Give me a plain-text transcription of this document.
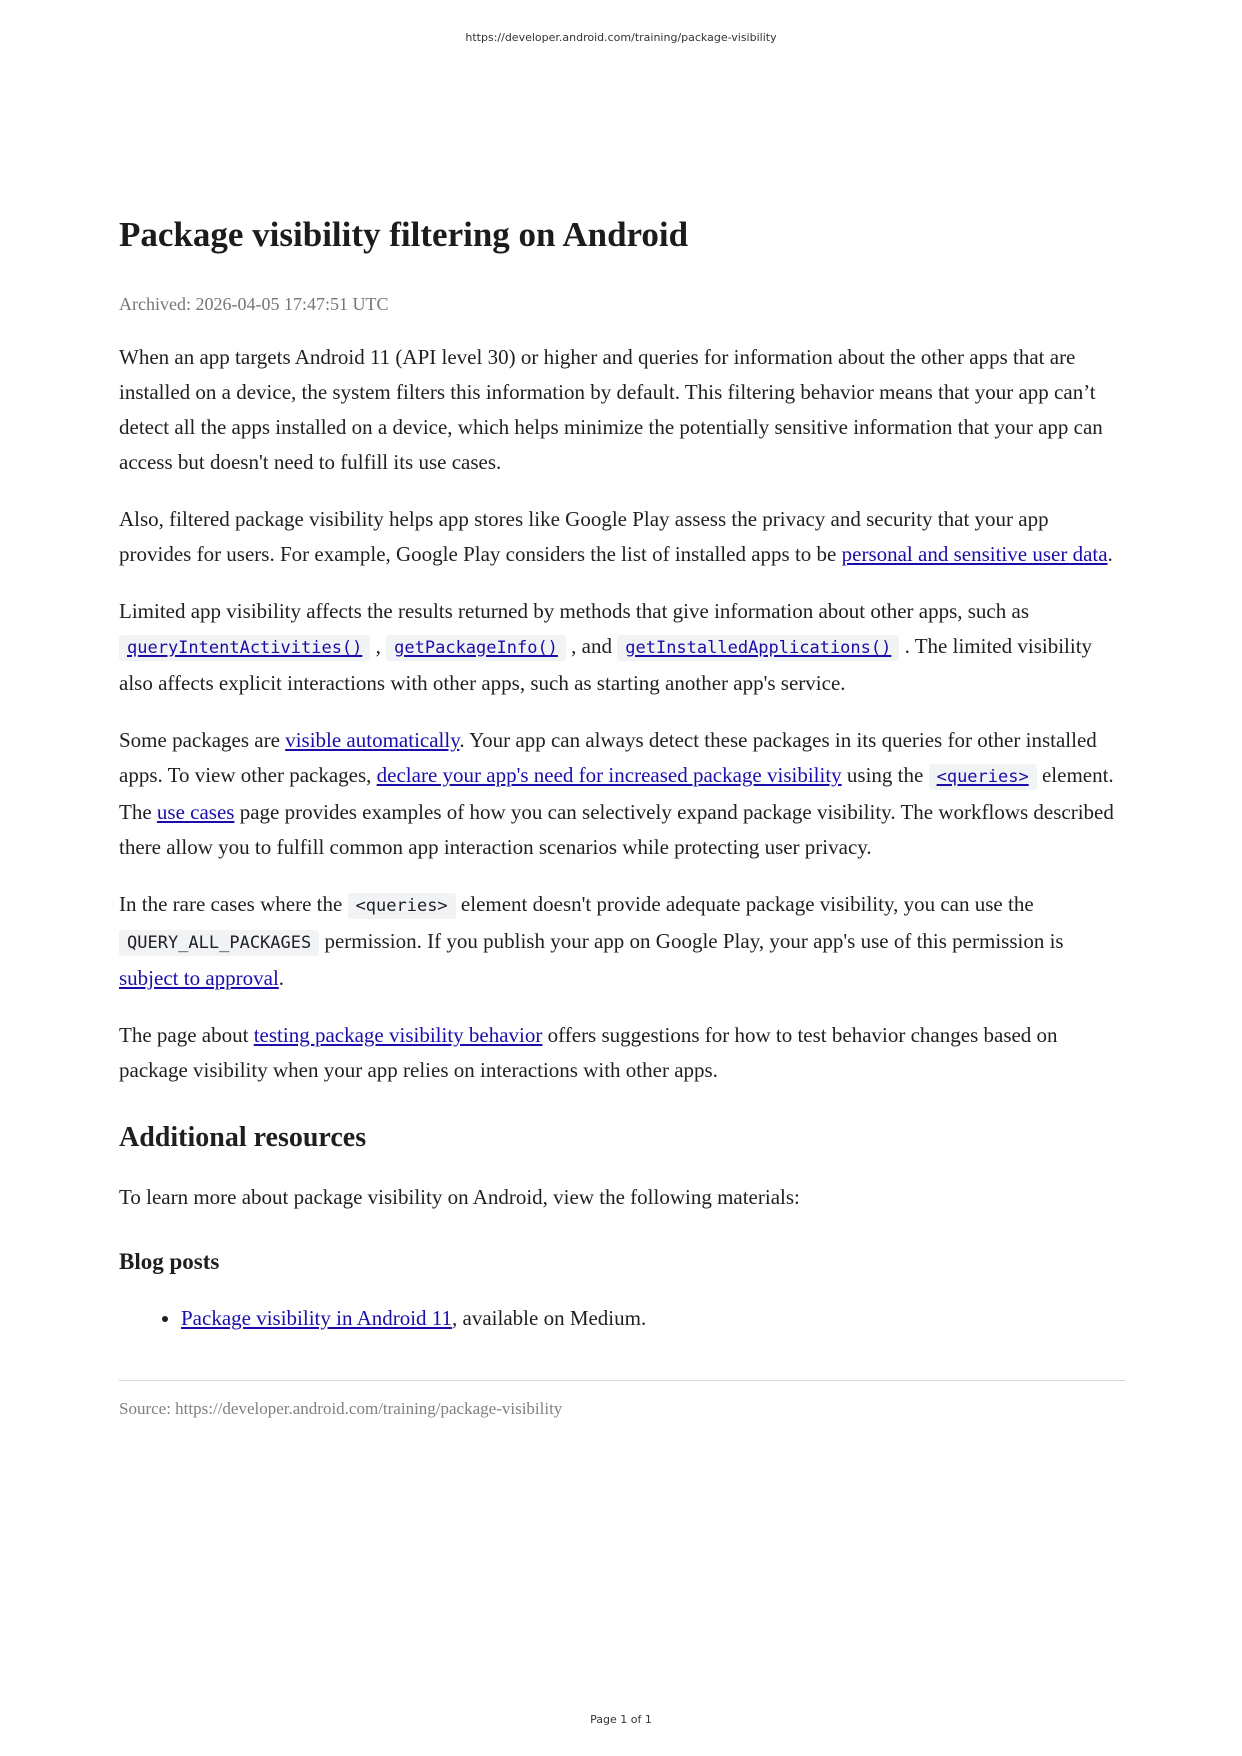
https://developer.android.com/training/package-visibility
Package visibility filtering on Android
Archived: 2026-04-05 17:47:51 UTC

When an app targets Android 11 (API level 30) or higher and queries for information about the other apps that are installed on a device, the system filters this information by default. This filtering behavior means that your app can’t detect all the apps installed on a device, which helps minimize the potentially sensitive information that your app can access but doesn't need to fulfill its use cases.

Also, filtered package visibility helps app stores like Google Play assess the privacy and security that your app provides for users. For example, Google Play considers the list of installed apps to be personal and sensitive user data.

Limited app visibility affects the results returned by methods that give information about other apps, such as queryIntentActivities() , getPackageInfo() , and getInstalledApplications() . The limited visibility also affects explicit interactions with other apps, such as starting another app's service.

Some packages are visible automatically. Your app can always detect these packages in its queries for other installed apps. To view other packages, declare your app's need for increased package visibility using the <queries> element. The use cases page provides examples of how you can selectively expand package visibility. The workflows described there allow you to fulfill common app interaction scenarios while protecting user privacy.

In the rare cases where the <queries> element doesn't provide adequate package visibility, you can use the QUERY_ALL_PACKAGES permission. If you publish your app on Google Play, your app's use of this permission is subject to approval.

The page about testing package visibility behavior offers suggestions for how to test behavior changes based on package visibility when your app relies on interactions with other apps.

Additional resources

To learn more about package visibility on Android, view the following materials:

Blog posts
• Package visibility in Android 11, available on Medium.
Source: https://developer.android.com/training/package-visibility
Page 1 of 1
